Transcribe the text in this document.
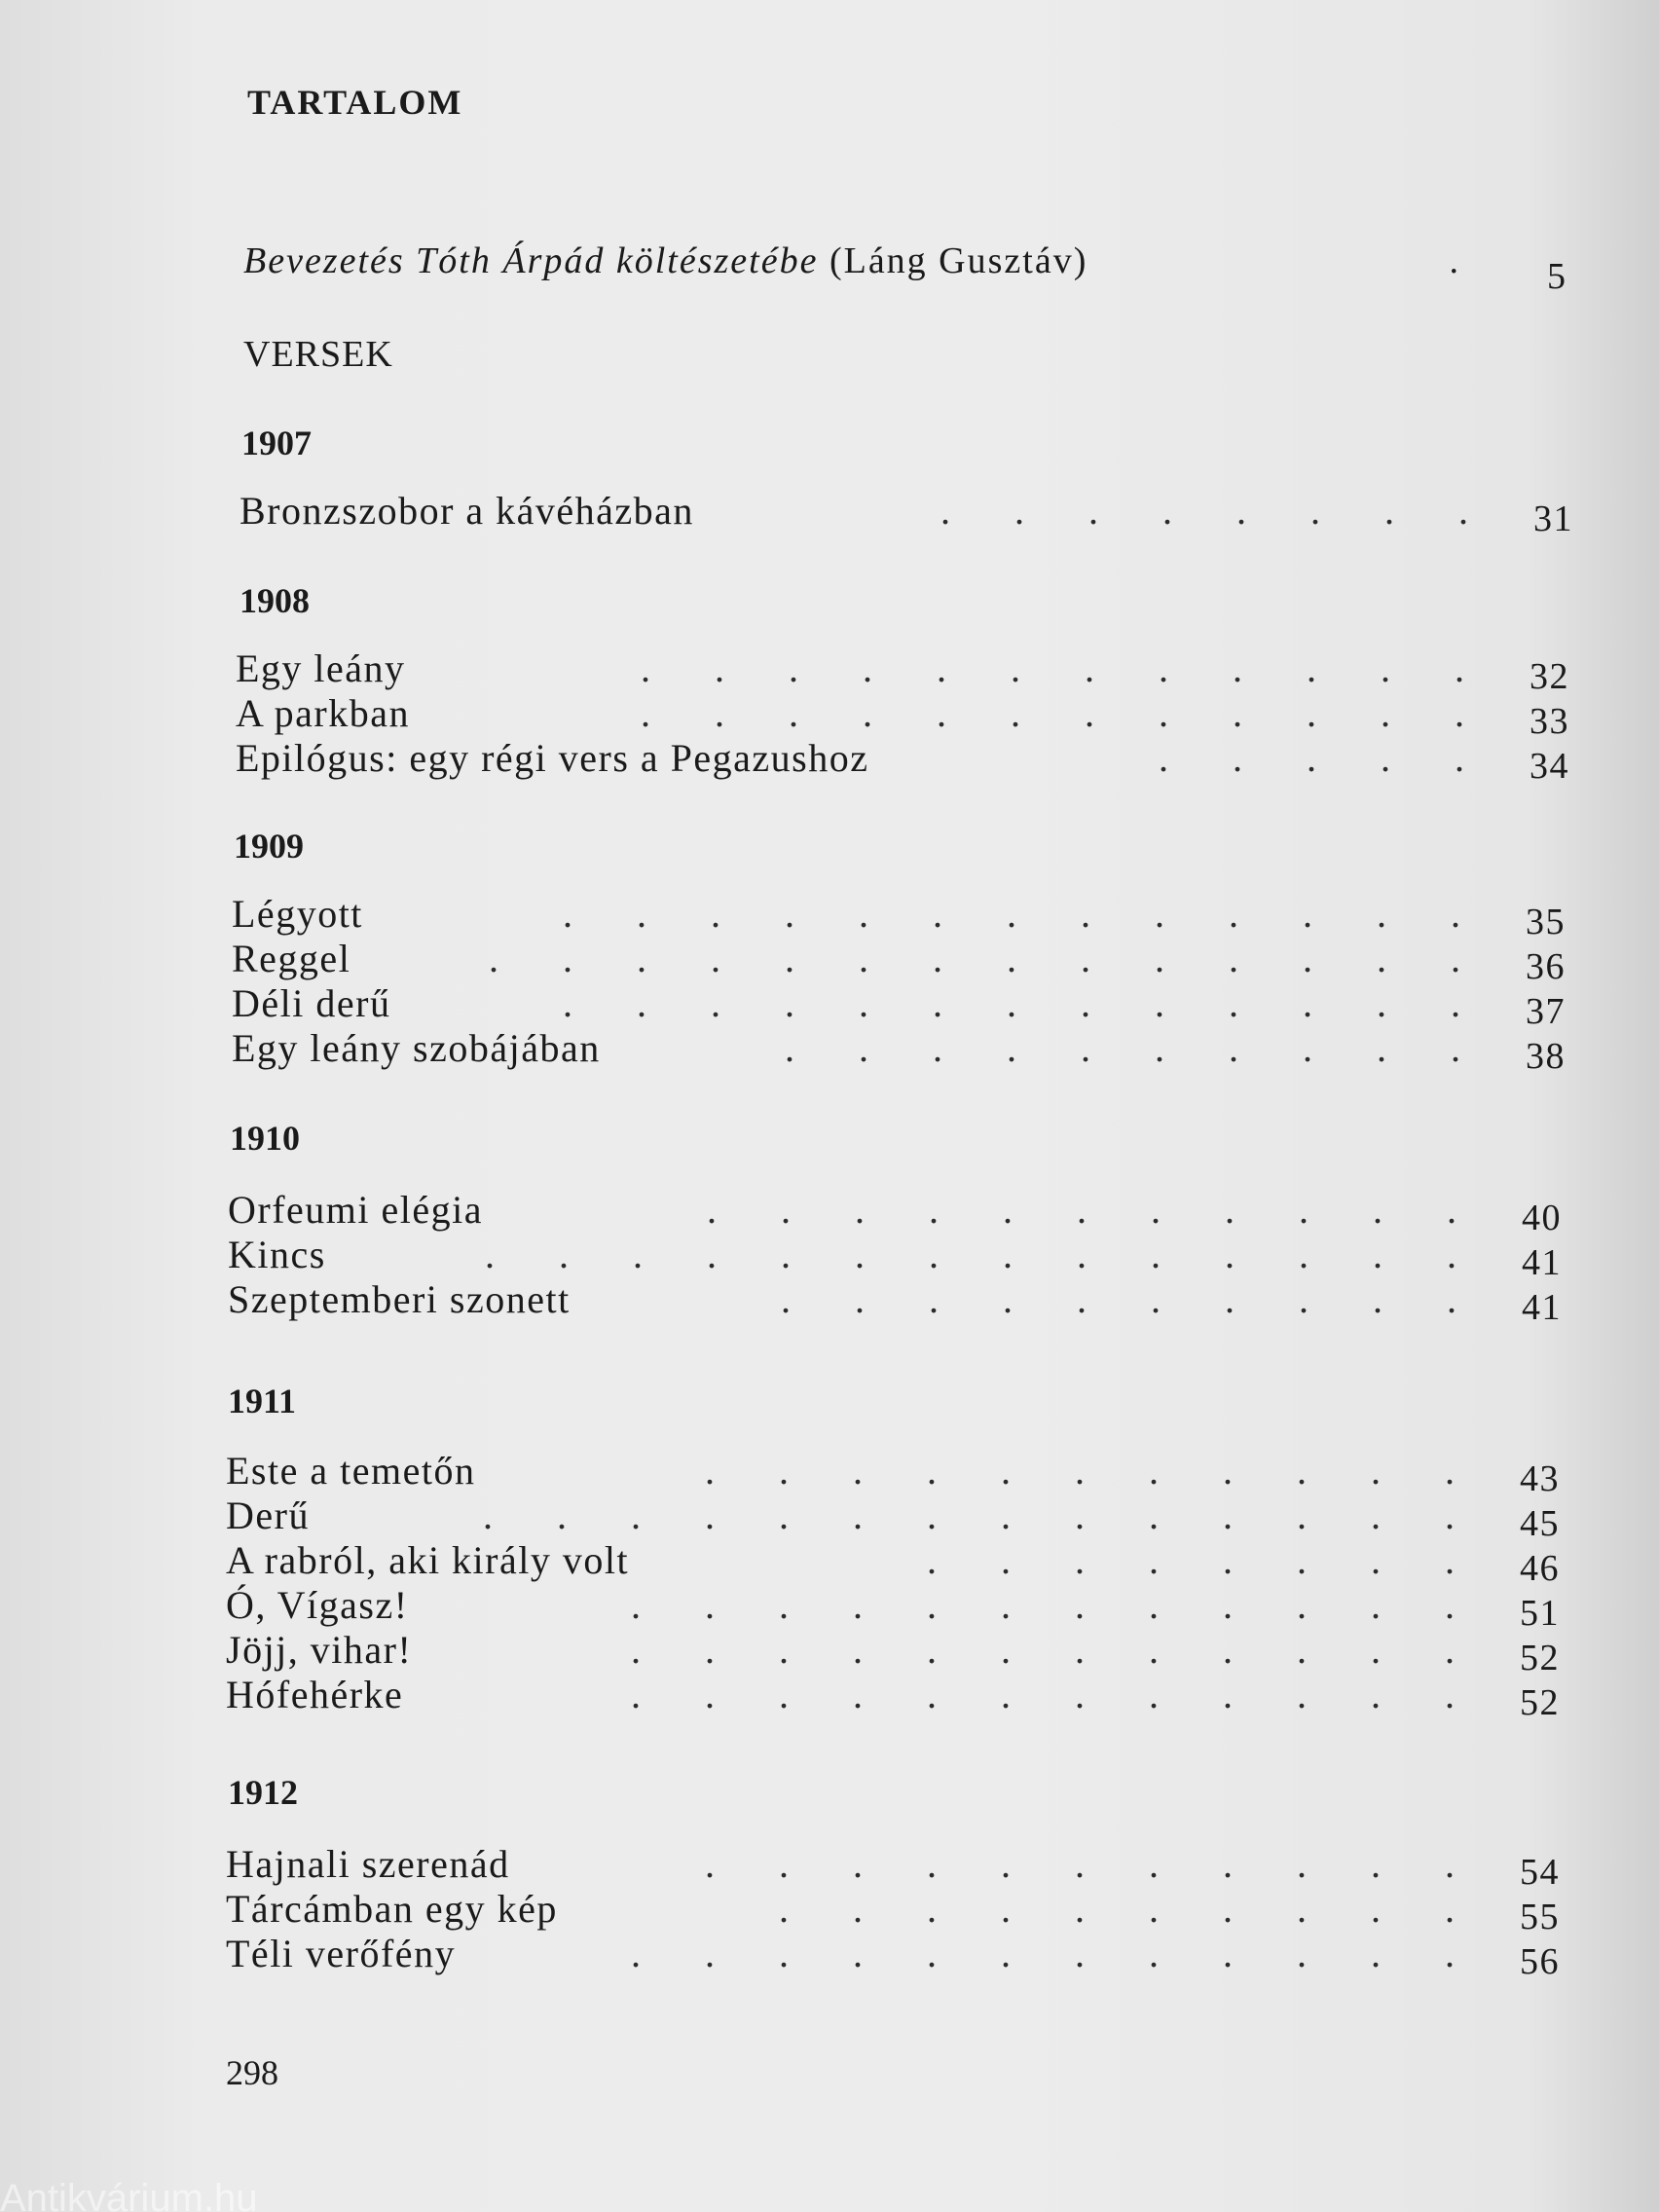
TARTALOM
Bevezetés Tóth Árpád költészetébe (Láng Gusztáv)	.	5
VERSEK
1907
. . . . . . . .
Bronzszobor a kávéházban	31
1908
. . . . . . . . . . . .
Egy leány	32
. . . . . . . . . . . .
A parkban	33
. . . . .
Epilógus: egy régi vers a Pegazushoz	34
1909
. . . . . . . . . . . . .
Légyott	35
. . . . . . . . . . . . . .
Reggel	36
. . . . . . . . . . . . .
Déli derű	37
. . . . . . . . . .
Egy leány szobájában	38
1910
. . . . . . . . . . .
Orfeumi elégia	40
. . . . . . . . . . . . . .
Kincs	41
. . . . . . . . . .
Szeptemberi szonett	41
1911
. . . . . . . . . . .
Este a temetőn	43
. . . . . . . . . . . . . .
Derű	45
. . . . . . . .
A rabról, aki király volt	46
. . . . . . . . . . . .
Ó, Vígasz!	51
. . . . . . . . . . . .
Jöjj, vihar!	52
. . . . . . . . . . . .
Hófehérke	52
1912
. . . . . . . . . . .
Hajnali szerenád	54
. . . . . . . . . .
Tárcámban egy kép	55
. . . . . . . . . . . .
Téli verőfény	56
298
Antikvárium.hu
